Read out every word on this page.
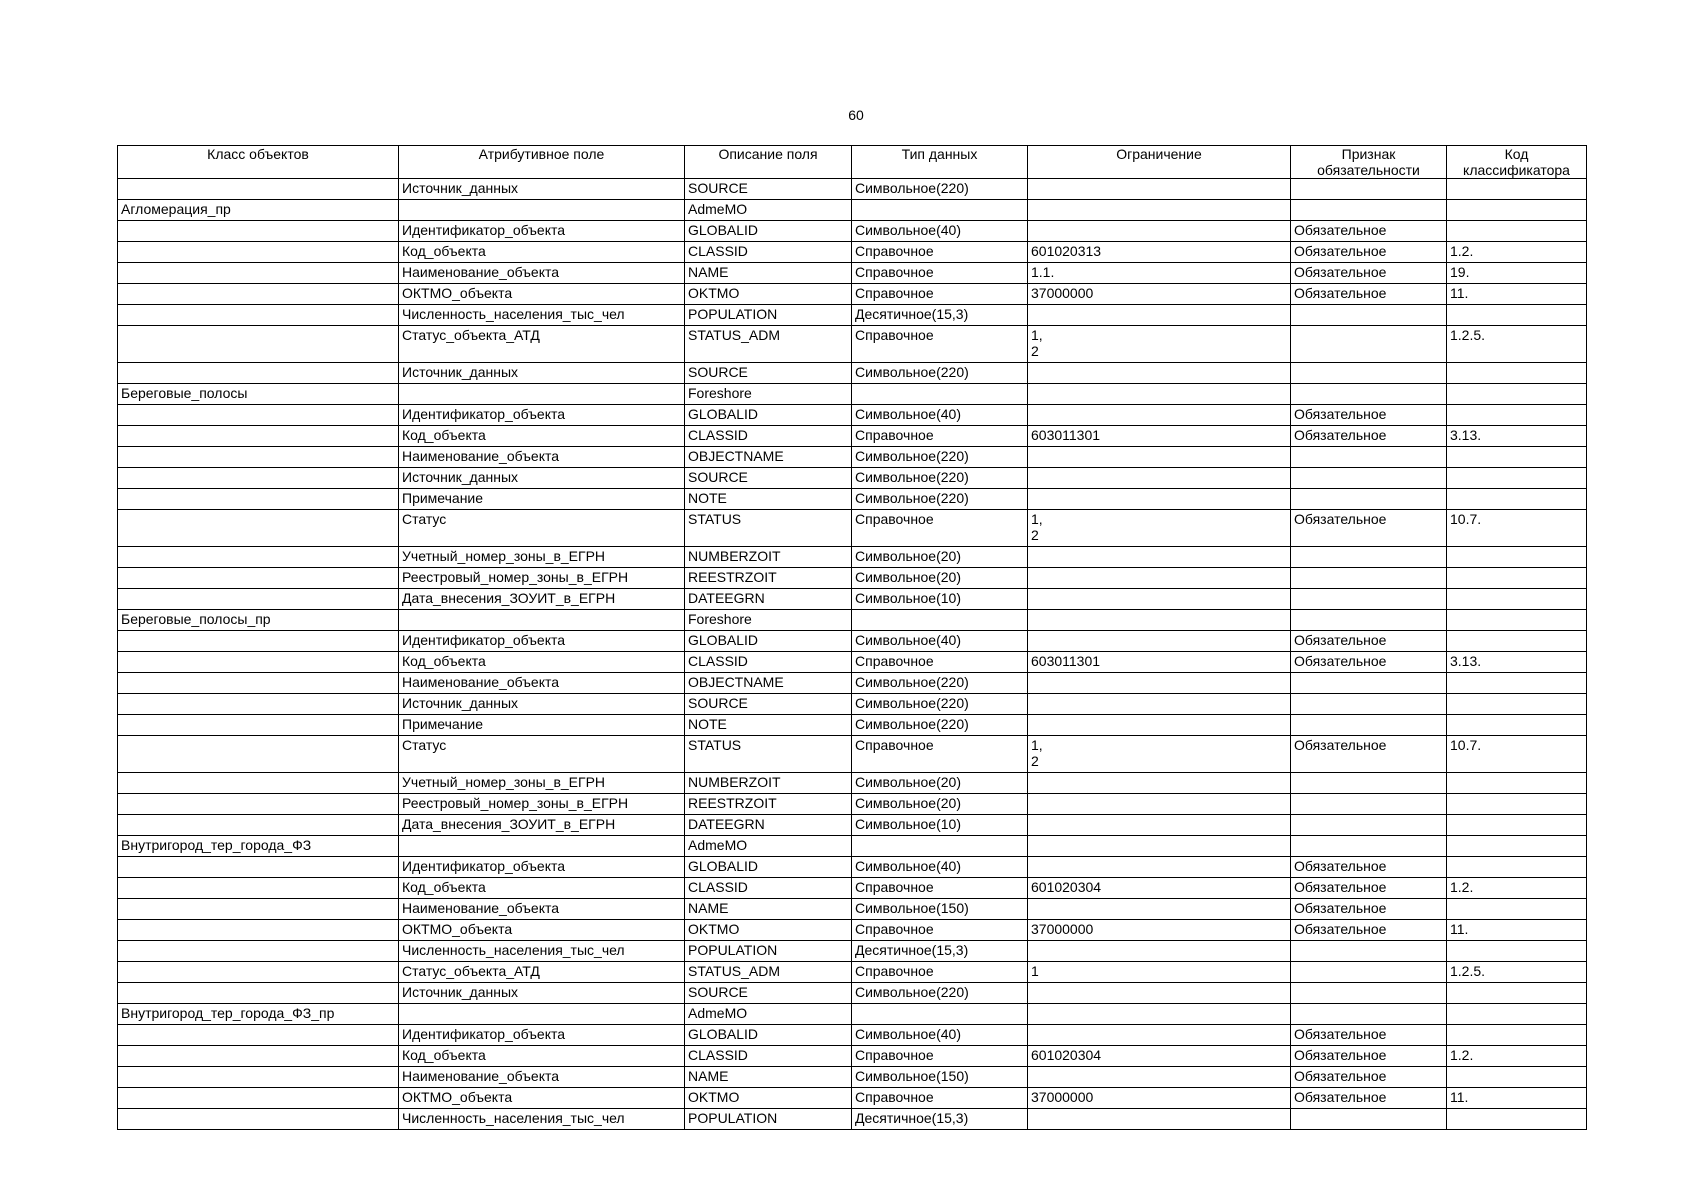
60
Класс объектов	Атрибутивное поле	Описание поля	Тип данных	Ограничение	Признак обязательности	Код классификатора
	Источник_данных	SOURCE	Символьное(220)			
Агломерация_пр		AdmeMO				
	Идентификатор_объекта	GLOBALID	Символьное(40)		Обязательное	
	Код_объекта	CLASSID	Справочное	601020313	Обязательное	1.2.
	Наименование_объекта	NAME	Справочное	1.1.	Обязательное	19.
	ОКТМО_объекта	OKTMO	Справочное	37000000	Обязательное	11.
	Численность_населения_тыс_чел	POPULATION	Десятичное(15,3)			
	Статус_объекта_АТД	STATUS_ADM	Справочное	1,
2		1.2.5.
	Источник_данных	SOURCE	Символьное(220)			
Береговые_полосы		Foreshore				
	Идентификатор_объекта	GLOBALID	Символьное(40)		Обязательное	
	Код_объекта	CLASSID	Справочное	603011301	Обязательное	3.13.
	Наименование_объекта	OBJECTNAME	Символьное(220)			
	Источник_данных	SOURCE	Символьное(220)			
	Примечание	NOTE	Символьное(220)			
	Статус	STATUS	Справочное	1,
2	Обязательное	10.7.
	Учетный_номер_зоны_в_ЕГРН	NUMBERZOIT	Символьное(20)			
	Реестровый_номер_зоны_в_ЕГРН	REESTRZOIT	Символьное(20)			
	Дата_внесения_ЗОУИТ_в_ЕГРН	DATEEGRN	Символьное(10)			
Береговые_полосы_пр		Foreshore				
	Идентификатор_объекта	GLOBALID	Символьное(40)		Обязательное	
	Код_объекта	CLASSID	Справочное	603011301	Обязательное	3.13.
	Наименование_объекта	OBJECTNAME	Символьное(220)			
	Источник_данных	SOURCE	Символьное(220)			
	Примечание	NOTE	Символьное(220)			
	Статус	STATUS	Справочное	1,
2	Обязательное	10.7.
	Учетный_номер_зоны_в_ЕГРН	NUMBERZOIT	Символьное(20)			
	Реестровый_номер_зоны_в_ЕГРН	REESTRZOIT	Символьное(20)			
	Дата_внесения_ЗОУИТ_в_ЕГРН	DATEEGRN	Символьное(10)			
Внутригород_тер_города_ФЗ		AdmeMO				
	Идентификатор_объекта	GLOBALID	Символьное(40)		Обязательное	
	Код_объекта	CLASSID	Справочное	601020304	Обязательное	1.2.
	Наименование_объекта	NAME	Символьное(150)		Обязательное	
	ОКТМО_объекта	OKTMO	Справочное	37000000	Обязательное	11.
	Численность_населения_тыс_чел	POPULATION	Десятичное(15,3)			
	Статус_объекта_АТД	STATUS_ADM	Справочное	1		1.2.5.
	Источник_данных	SOURCE	Символьное(220)			
Внутригород_тер_города_ФЗ_пр		AdmeMO				
	Идентификатор_объекта	GLOBALID	Символьное(40)		Обязательное	
	Код_объекта	CLASSID	Справочное	601020304	Обязательное	1.2.
	Наименование_объекта	NAME	Символьное(150)		Обязательное	
	ОКТМО_объекта	OKTMO	Справочное	37000000	Обязательное	11.
	Численность_населения_тыс_чел	POPULATION	Десятичное(15,3)			
